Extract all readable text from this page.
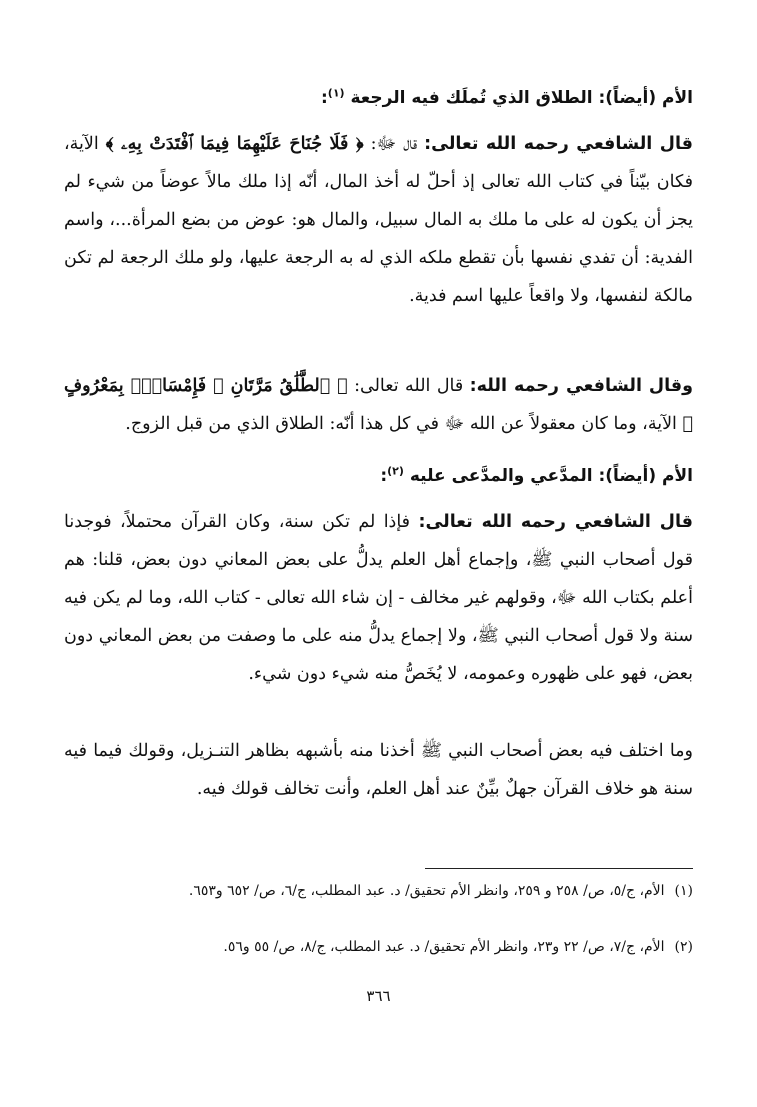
الأم (أيضاً): الطلاق الذي تُملَك فيه الرجعة $^{(١)}$:
قال الشافعي رحمه الله تعالى: قال ﷻ: ﴿ فَلَا جُنَاحَ عَلَيْهِمَا فِيمَا ٱفْتَدَتْ بِهِۦ ﴾ الآية، فكان بيّناً في كتاب الله تعالى إذ أحلّ له أخذ المال، أنّه إذا ملك مالاً عوضاً من شيء لم يجز أن يكون له على ما ملك به المال سبيل، والمال هو: عوض من بضع المرأة...، واسم الفدية: أن تفدي نفسها بأن تقطع ملكه الذي له به الرجعة عليها، ولو ملك الرجعة لم تكن مالكة لنفسها، ولا واقعاً عليها اسم فدية.
وقال الشافعي رحمه الله: قال الله تعالى: ﴿ ٱلطَّلَٰقُ مَرَّتَانِ ۖ فَإِمْسَاكٌۢ بِمَعْرُوفٍ ﴾ الآية، وما كان معقولاً عن الله ﷻ في كل هذا أنّه: الطلاق الذي من قبل الزوج.
الأم (أيضاً): المدَّعي والمدَّعى عليه $^{(٢)}$:
قال الشافعي رحمه الله تعالى: فإذا لم تكن سنة، وكان القرآن محتملاً، فوجدنا قول أصحاب النبي ﷺ، وإجماع أهل العلم يدلُّ على بعض المعاني دون بعض، قلنا: هم أعلم بكتاب الله ﷻ، وقولهم غير مخالف - إن شاء الله تعالى - كتاب الله، وما لم يكن فيه سنة ولا قول أصحاب النبي ﷺ، ولا إجماع يدلُّ منه على ما وصفت من بعض المعاني دون بعض، فهو على ظهوره وعمومه، لا يُخَصُّ منه شيء دون شيء.
وما اختلف فيه بعض أصحاب النبي ﷺ أخذنا منه بأشبهه بظاهر التنـزيل، وقولك فيما فيه سنة هو خلاف القرآن جهلٌ بيِّنٌ عند أهل العلم، وأنت تخالف قولك فيه.
(١)الأم، ج/٥، ص/ ٢٥٨ و ٢٥٩، وانظر الأم تحقيق/ د. عبد المطلب، ج/٦، ص/ ٦٥٢ و٦٥٣.
(٢)الأم، ج/٧، ص/ ٢٢ و٢٣، وانظر الأم تحقيق/ د. عبد المطلب، ج/٨، ص/ ٥٥ و٥٦.
٣٦٦
